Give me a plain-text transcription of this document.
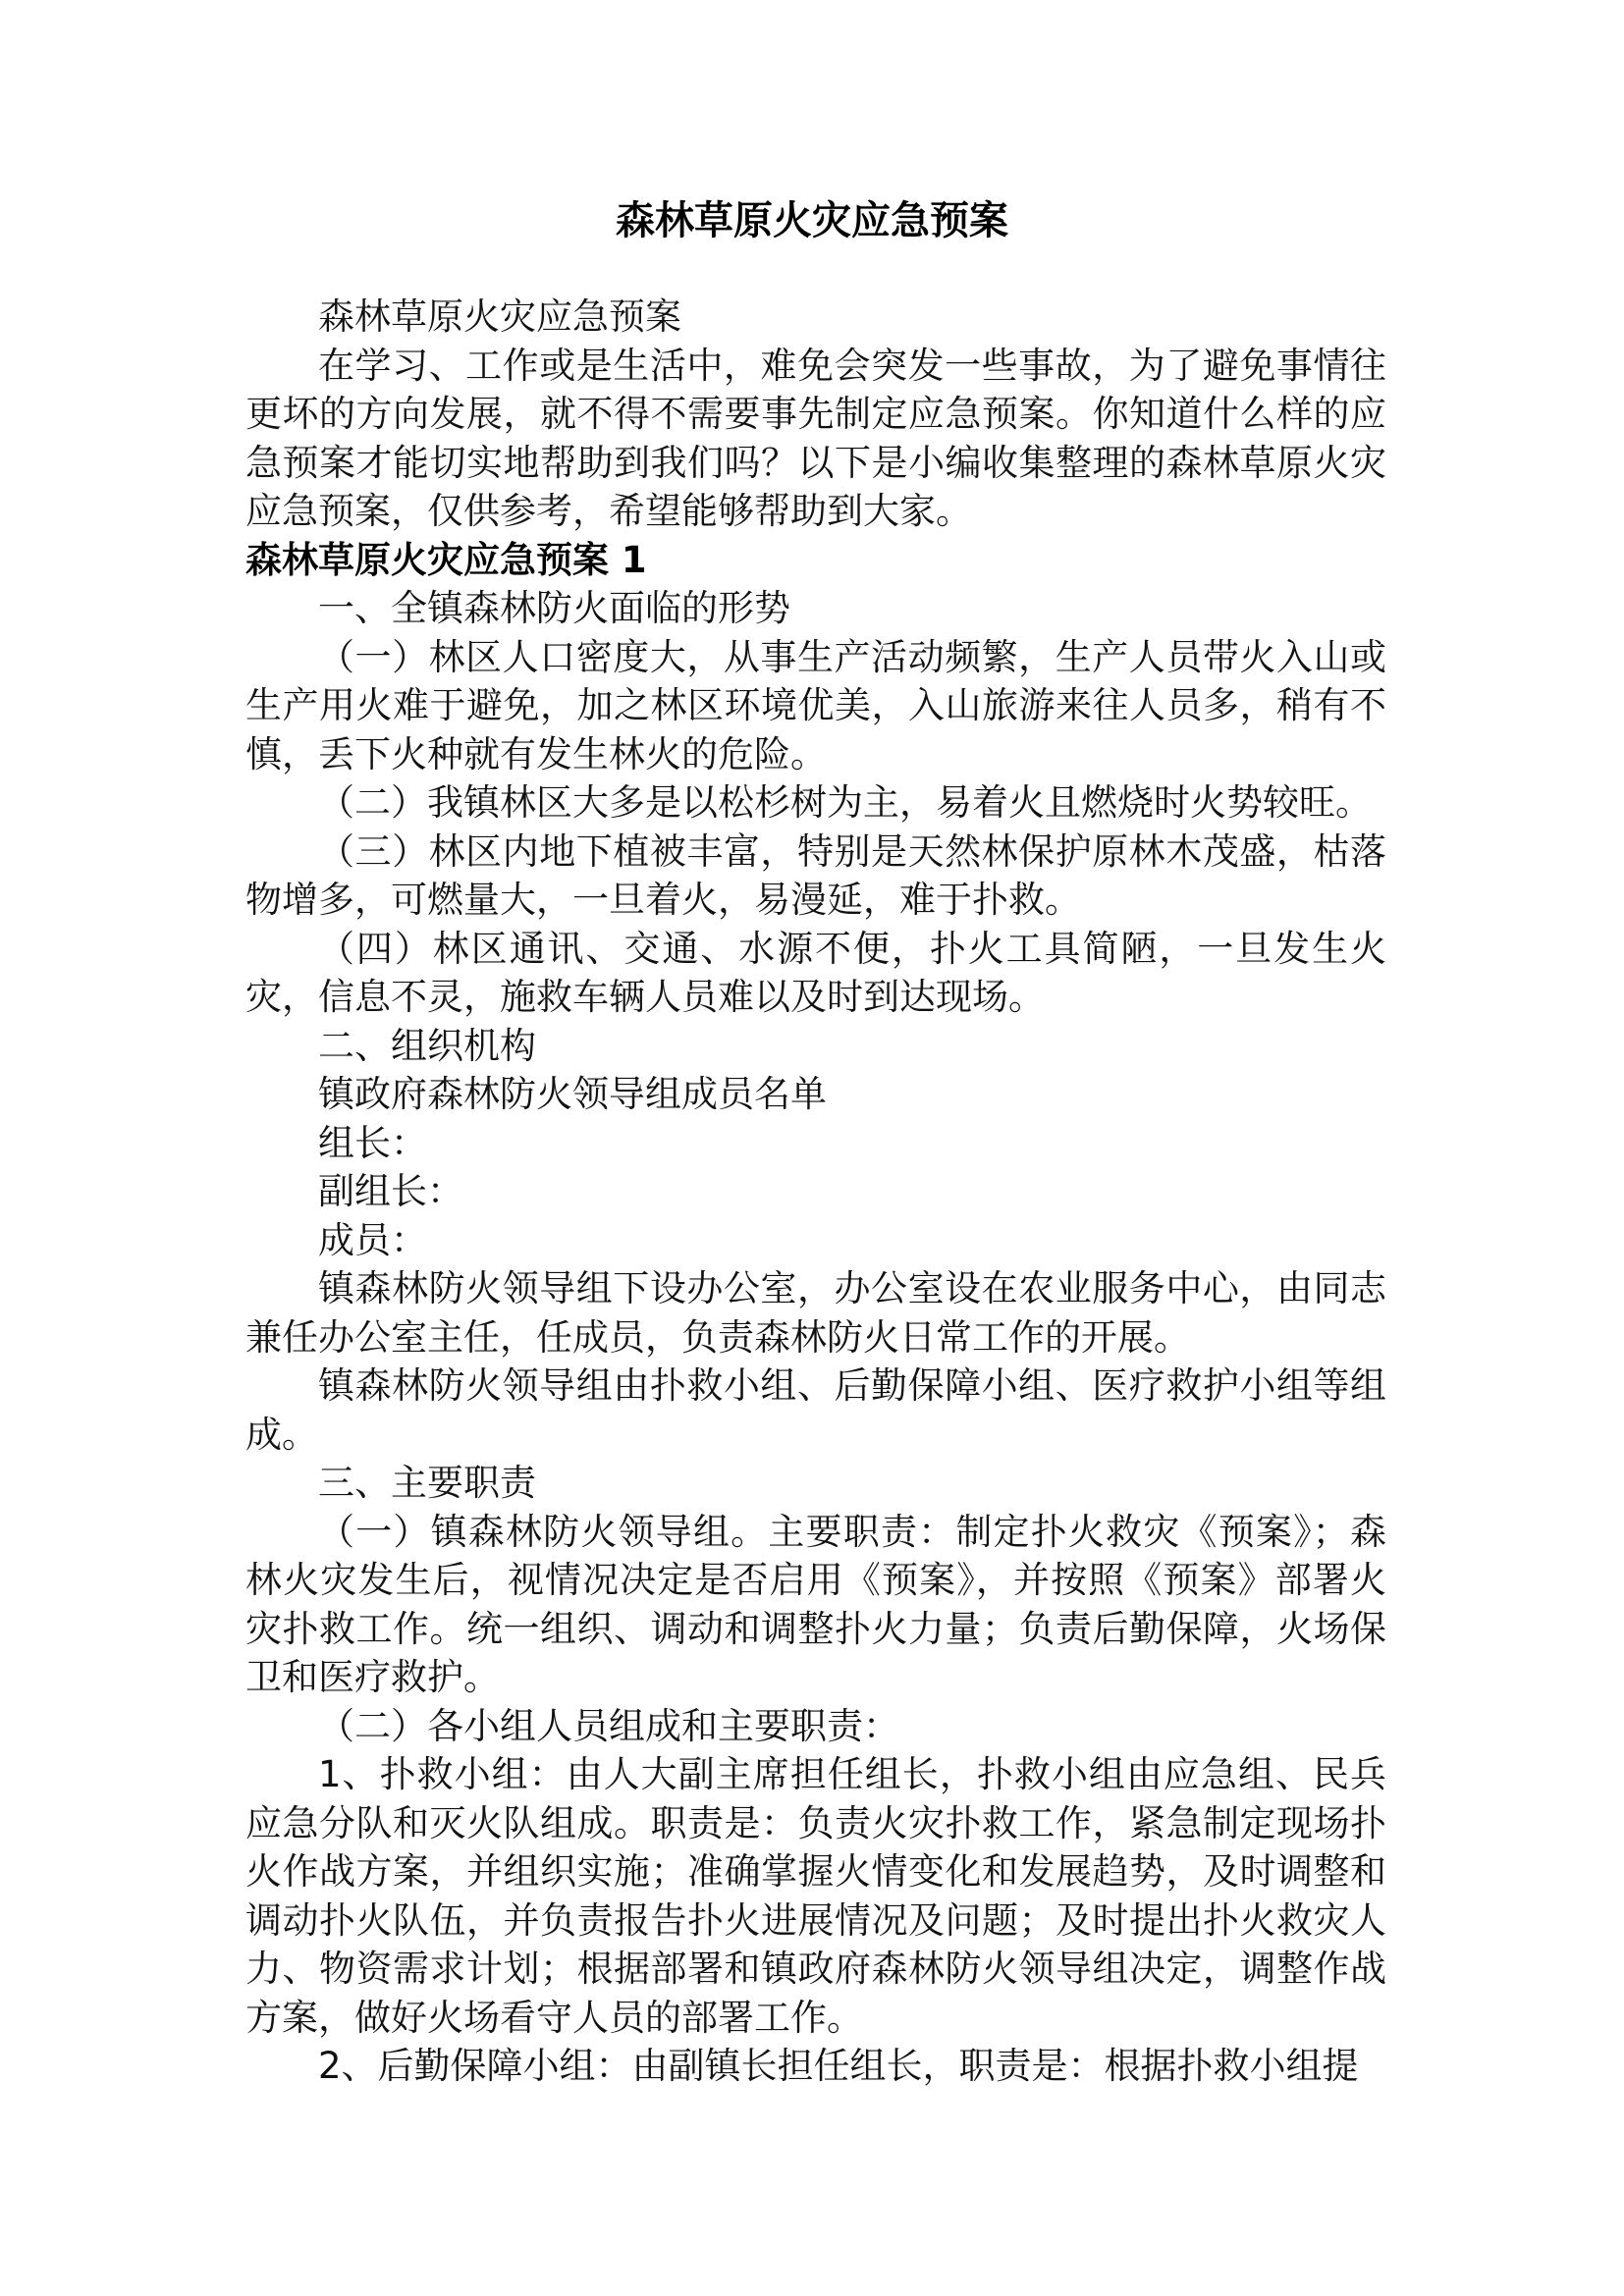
森林草原火灾应急预案

森林草原火灾应急预案

在学习、工作或是生活中，难免会突发一些事故，为了避免事情往更坏的方向发展，就不得不需要事先制定应急预案。你知道什么样的应急预案才能切实地帮助到我们吗？以下是小编收集整理的森林草原火灾应急预案，仅供参考，希望能够帮助到大家。

森林草原火灾应急预案 1

一、全镇森林防火面临的形势

（一）林区人口密度大，从事生产活动频繁，生产人员带火入山或生产用火难于避免，加之林区环境优美，入山旅游来往人员多，稍有不慎，丢下火种就有发生林火的危险。

（二）我镇林区大多是以松杉树为主，易着火且燃烧时火势较旺。

（三）林区内地下植被丰富，特别是天然林保护原林木茂盛，枯落物增多，可燃量大，一旦着火，易漫延，难于扑救。

（四）林区通讯、交通、水源不便，扑火工具简陋，一旦发生火灾，信息不灵，施救车辆人员难以及时到达现场。

二、组织机构

镇政府森林防火领导组成员名单

组长：

副组长：

成员：

镇森林防火领导组下设办公室，办公室设在农业服务中心，由同志兼任办公室主任，任成员，负责森林防火日常工作的开展。

镇森林防火领导组由扑救小组、后勤保障小组、医疗救护小组等组成。

三、主要职责

（一）镇森林防火领导组。主要职责：制定扑火救灾《预案》；森林火灾发生后，视情况决定是否启用《预案》，并按照《预案》部署火灾扑救工作。统一组织、调动和调整扑火力量；负责后勤保障，火场保卫和医疗救护。

（二）各小组人员组成和主要职责：

1、扑救小组：由人大副主席担任组长，扑救小组由应急组、民兵应急分队和灭火队组成。职责是：负责火灾扑救工作，紧急制定现场扑火作战方案，并组织实施；准确掌握火情变化和发展趋势，及时调整和调动扑火队伍，并负责报告扑火进展情况及问题；及时提出扑火救灾人力、物资需求计划；根据部署和镇政府森林防火领导组决定，调整作战方案，做好火场看守人员的部署工作。

2、后勤保障小组：由副镇长担任组长，职责是：根据扑救小组提
